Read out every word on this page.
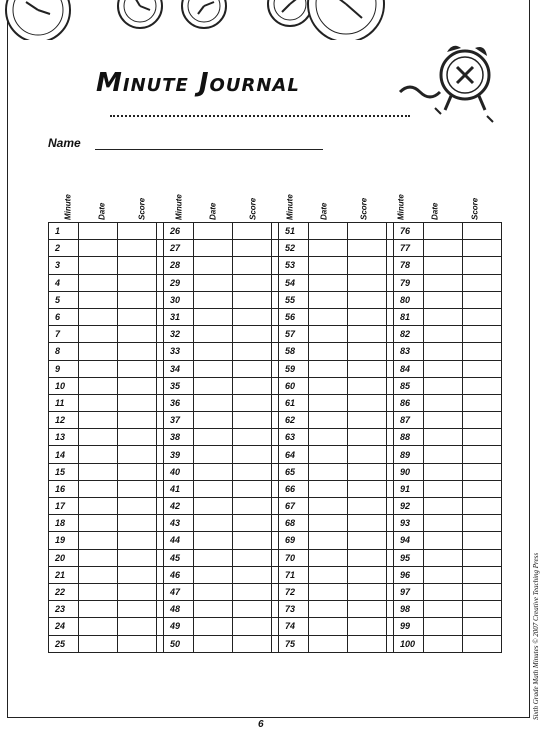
Minute Journal
Name
Minute	Date	Score	Minute	Date	Score	Minute	Date	Score	Minute	Date	Score
1				26				51				76		
2				27				52				77		
3				28				53				78		
4				29				54				79		
5				30				55				80		
6				31				56				81		
7				32				57				82		
8				33				58				83		
9				34				59				84		
10				35				60				85		
11				36				61				86		
12				37				62				87		
13				38				63				88		
14				39				64				89		
15				40				65				90		
16				41				66				91		
17				42				67				92		
18				43				68				93		
19				44				69				94		
20				45				70				95		
21				46				71				96		
22				47				72				97		
23				48				73				98		
24				49				74				99		
25				50				75				100		
6
Sixth Grade Math Minutes © 2007 Creative Teaching Press
